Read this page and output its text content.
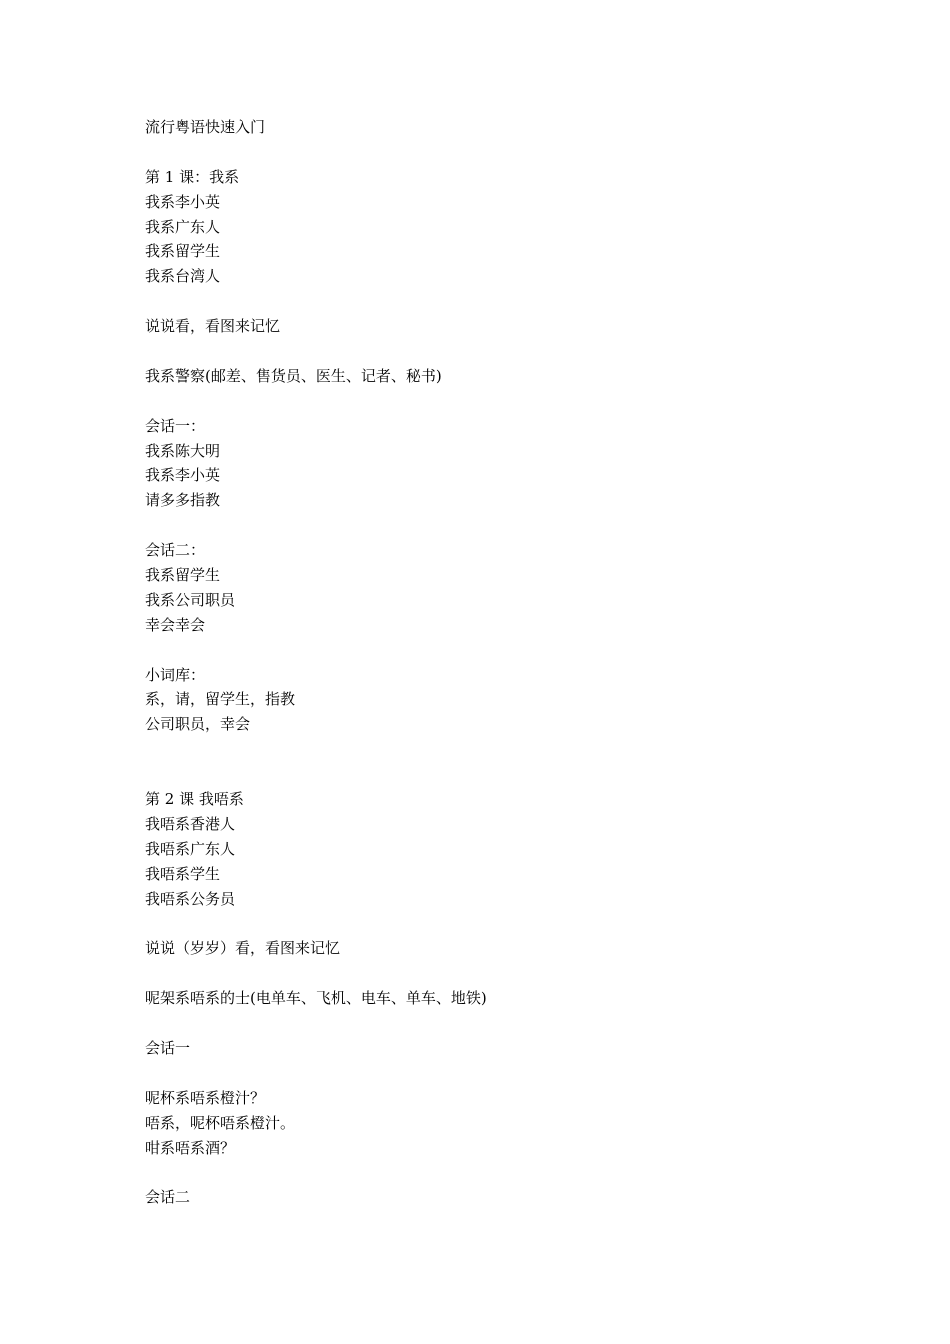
流行粤语快速入门
第 1 课：我系
我系李小英
我系广东人
我系留学生
我系台湾人
说说看，看图来记忆
我系警察(邮差、售货员、医生、记者、秘书)
会话一：
我系陈大明
我系李小英
请多多指教
会话二：
我系留学生
我系公司职员
幸会幸会
小词库：
系，请，留学生，指教
公司职员，幸会
第 2 课 我唔系
我唔系香港人
我唔系广东人
我唔系学生
我唔系公务员
说说（岁岁）看，看图来记忆
呢架系唔系的士(电单车、飞机、电车、单车、地铁)
会话一
呢杯系唔系橙汁？
唔系，呢杯唔系橙汁。
咁系唔系酒？
会话二
